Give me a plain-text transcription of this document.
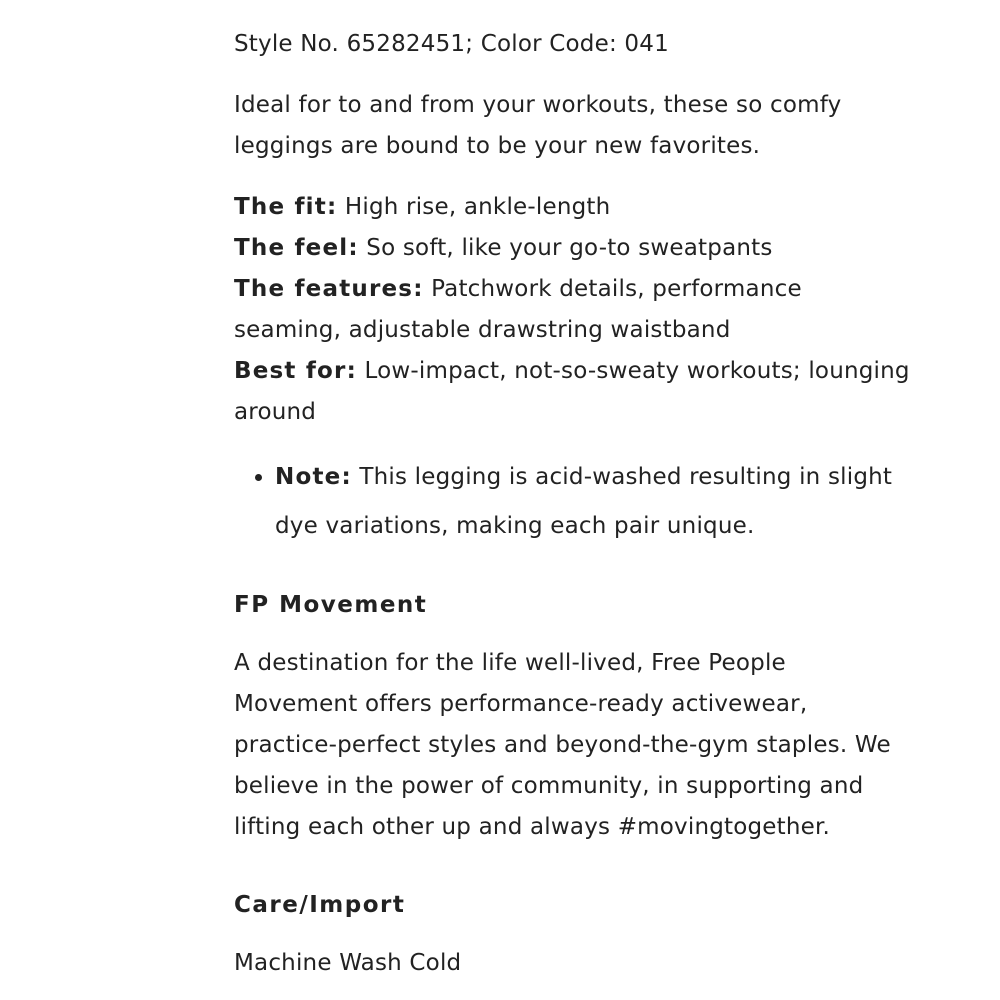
Style No. 65282451; Color Code: 041

Ideal for to and from your workouts, these so comfy leggings are bound to be your new favorites.

The fit: High rise, ankle-length

The feel: So soft, like your go-to sweatpants

The features: Patchwork details, performance seaming, adjustable drawstring waistband

Best for: Low-impact, not-so-sweaty workouts; lounging around

• Note: This legging is acid-washed resulting in slight dye variations, making each pair unique.

FP Movement

A destination for the life well-lived, Free People Movement offers performance-ready activewear, practice-perfect styles and beyond-the-gym staples. We believe in the power of community, in supporting and lifting each other up and always #movingtogether.

Care/Import

Machine Wash Cold
